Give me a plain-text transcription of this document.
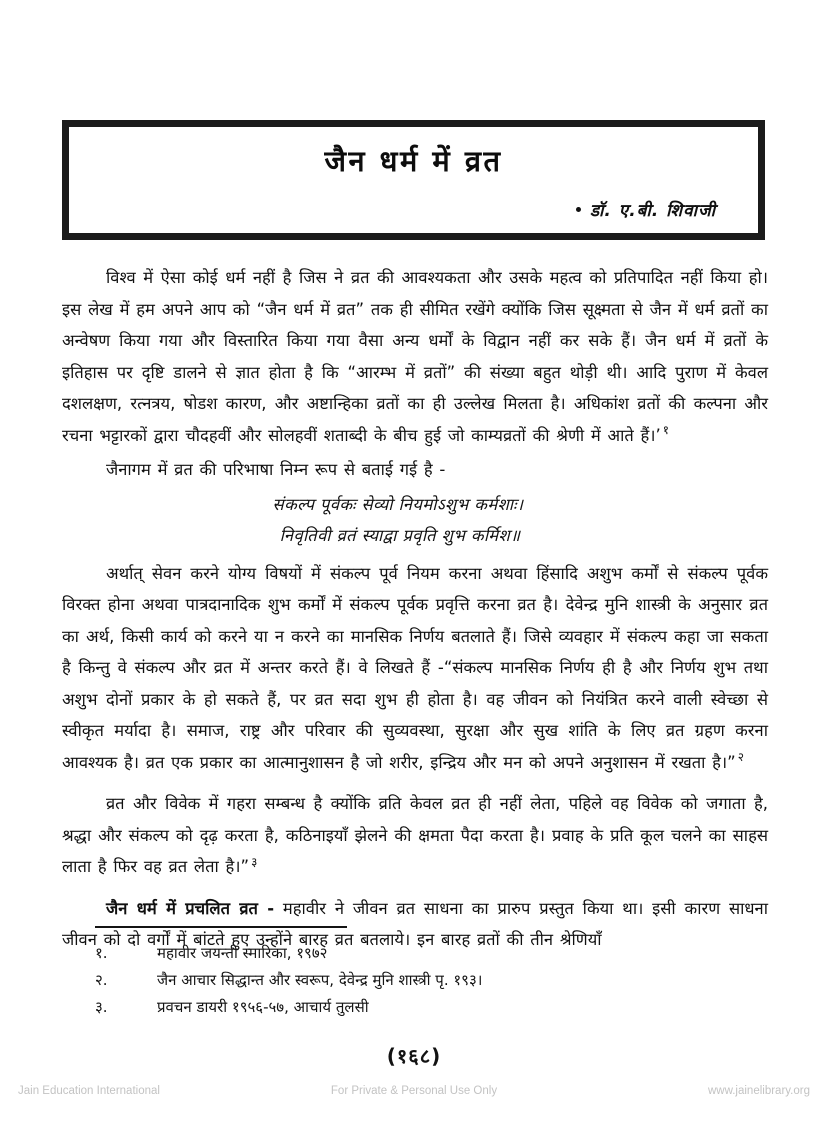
जैन धर्म में व्रत
डॉ. ए.बी. शिवाजी

विश्व में ऐसा कोई धर्म नहीं है जिस ने व्रत की आवश्यकता और उसके महत्व को प्रतिपादित नहीं किया हो। इस लेख में हम अपने आप को “जैन धर्म में व्रत” तक ही सीमित रखेंगे क्योंकि जिस सूक्ष्मता से जैन में धर्म व्रतों का अन्वेषण किया गया और विस्तारित किया गया वैसा अन्य धर्मों के विद्वान नहीं कर सके हैं। जैन धर्म में व्रतों के इतिहास पर दृष्टि डालने से ज्ञात होता है कि “आरम्भ में व्रतों” की संख्या बहुत थोड़ी थी। आदि पुराण में केवल दशलक्षण, रत्नत्रय, षोडश कारण, और अष्टान्हिका व्रतों का ही उल्लेख मिलता है। अधिकांश व्रतों की कल्पना और रचना भट्टारकों द्वारा चौदहवीं और सोलहवीं शताब्दी के बीच हुई जो काम्यव्रतों की श्रेणी में आते हैं।’ $^१$

जैनागम में व्रत की परिभाषा निम्न रूप से बताई गई है -

संकल्प पूर्वकः सेव्यो नियमोऽशुभ कर्मशाः।

निवृतिवी व्रतं स्याद्वा प्रवृति शुभ कर्मिश॥

अर्थात् सेवन करने योग्य विषयों में संकल्प पूर्व नियम करना अथवा हिंसादि अशुभ कर्मों से संकल्प पूर्वक विरक्त होना अथवा पात्रदानादिक शुभ कर्मों में संकल्प पूर्वक प्रवृत्ति करना व्रत है। देवेन्द्र मुनि शास्त्री के अनुसार व्रत का अर्थ, किसी कार्य को करने या न करने का मानसिक निर्णय बतलाते हैं। जिसे व्यवहार में संकल्प कहा जा सकता है किन्तु वे संकल्प और व्रत में अन्तर करते हैं। वे लिखते हैं -“संकल्प मानसिक निर्णय ही है और निर्णय शुभ तथा अशुभ दोनों प्रकार के हो सकते हैं, पर व्रत सदा शुभ ही होता है। वह जीवन को नियंत्रित करने वाली स्वेच्छा से स्वीकृत मर्यादा है। समाज, राष्ट्र और परिवार की सुव्यवस्था, सुरक्षा और सुख शांति के लिए व्रत ग्रहण करना आवश्यक है। व्रत एक प्रकार का आत्मानुशासन है जो शरीर, इन्द्रिय और मन को अपने अनुशासन में रखता है।” $^२$

व्रत और विवेक में गहरा सम्बन्ध है क्योंकि व्रति केवल व्रत ही नहीं लेता, पहिले वह विवेक को जगाता है, श्रद्धा और संकल्प को दृढ़ करता है, कठिनाइयाँ झेलने की क्षमता पैदा करता है। प्रवाह के प्रति कूल चलने का साहस लाता है फिर वह व्रत लेता है।” $^३$

जैन धर्म में प्रचलित व्रत - महावीर ने जीवन व्रत साधना का प्रारुप प्रस्तुत किया था। इसी कारण साधना जीवन को दो वर्गों में बांटते हुए उन्होंने बारह व्रत बतलाये। इन बारह व्रतों की तीन श्रेणियाँ

१.	महावीर जयन्ती स्मारिका, १९७२
२.	जैन आचार सिद्धान्त और स्वरूप, देवेन्द्र मुनि शास्त्री पृ. १९३।
३.	प्रवचन डायरी १९५६-५७, आचार्य तुलसी
(१६८)
Jain Education International	For Private & Personal Use Only	www.jainelibrary.org
